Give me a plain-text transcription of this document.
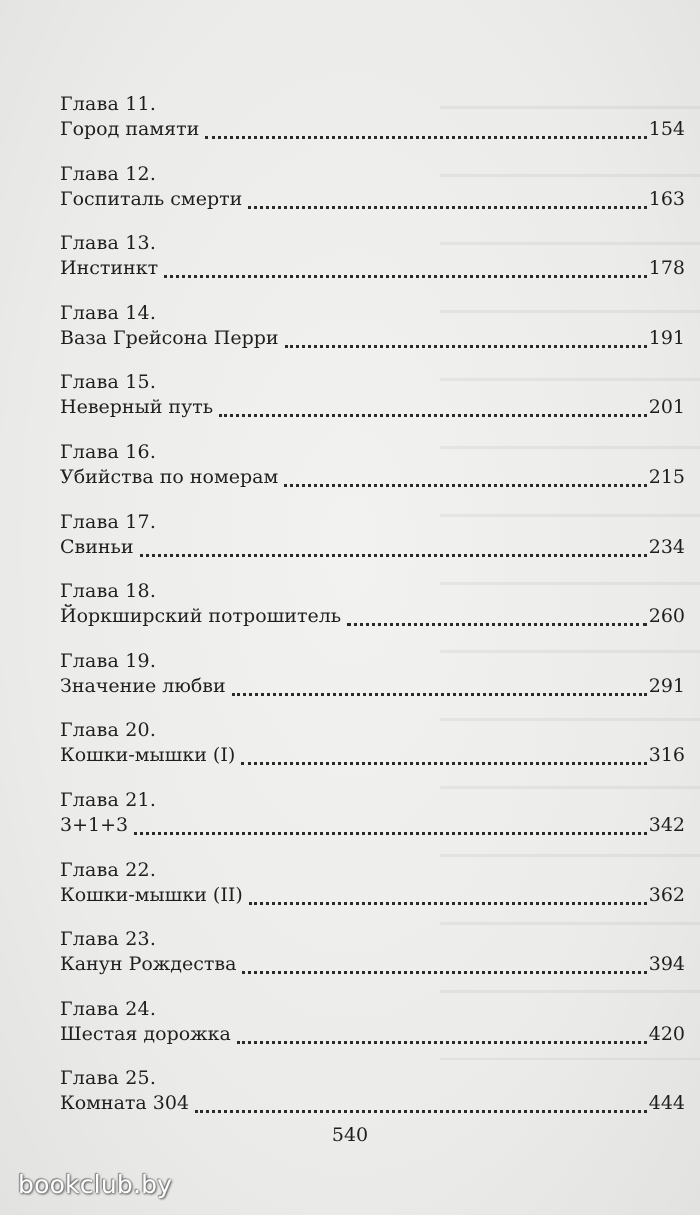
Глава 11.
Город памяти	154
Глава 12.
Госпиталь смерти	163
Глава 13.
Инстинкт	178
Глава 14.
Ваза Грейсона Перри	191
Глава 15.
Неверный путь	201
Глава 16.
Убийства по номерам	215
Глава 17.
Свиньи	234
Глава 18.
Йоркширский потрошитель	260
Глава 19.
Значение любви	291
Глава 20.
Кошки-мышки (I)	316
Глава 21.
3+1+3	342
Глава 22.
Кошки-мышки (II)	362
Глава 23.
Канун Рождества	394
Глава 24.
Шестая дорожка	420
Глава 25.
Комната 304	444
540
bookclub.by
